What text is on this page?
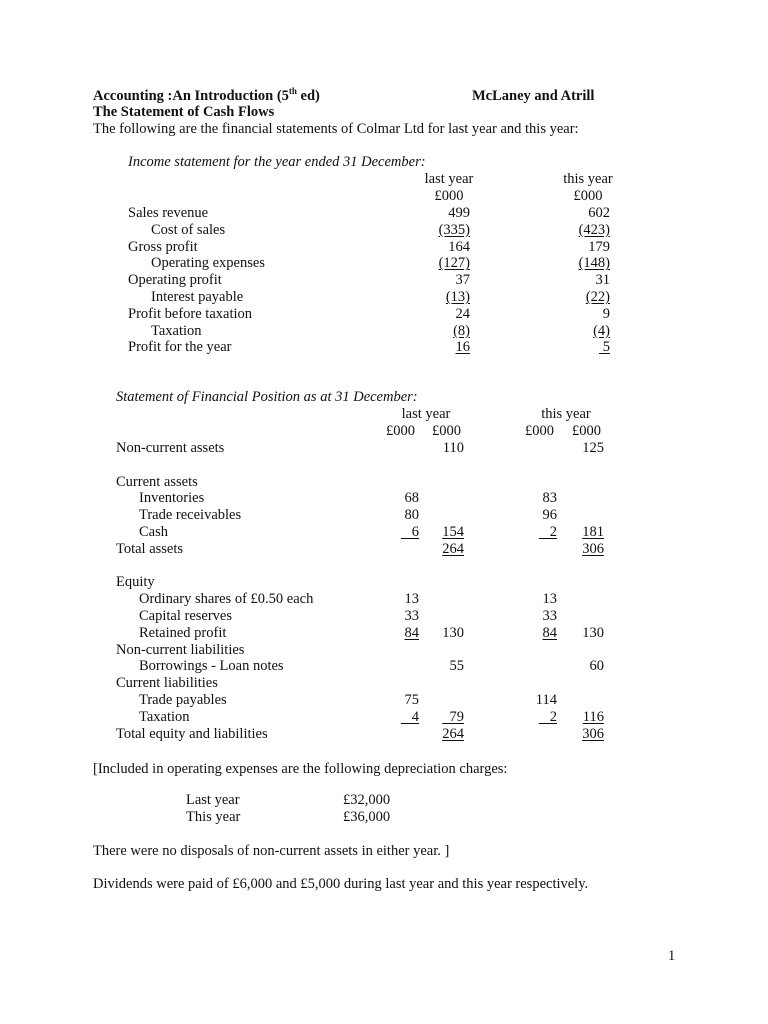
Accounting :An Introduction (5th ed)	McLaney and Atrill
The Statement of Cash Flows
The following are the financial statements of Colmar Ltd for last year and this year:
Income statement for the year ended 31 December:
last year	this year
£000	£000
Sales revenue	499	602
Cost of sales	(335)	(423)
Gross profit	164	179
Operating expenses	(127)	(148)
Operating profit	37	31
Interest payable	(13)	(22)
Profit before taxation	24	9
Taxation	(8)	(4)
Profit for the year	16	5
Statement of Financial Position as at 31 December:
last year	this year
£000 £000	£000 £000
Non-current assets	110	125
Current assets
Inventories	68	83
Trade receivables	80	96
Cash	6 154	2 181
Total assets	264	306
Equity
Ordinary shares of £0.50 each	13	13
Capital reserves	33	33
Retained profit	84 130	84 130
Non-current liabilities
Borrowings - Loan notes	55	60
Current liabilities
Trade payables	75	114
Taxation	4 79	2 116
Total equity and liabilities	264	306
[Included in operating expenses are the following depreciation charges:
Last year	£32,000
This year	£36,000
There were no disposals of non-current assets in either year. ]
Dividends were paid of £6,000 and £5,000 during last year and this year respectively.
1
